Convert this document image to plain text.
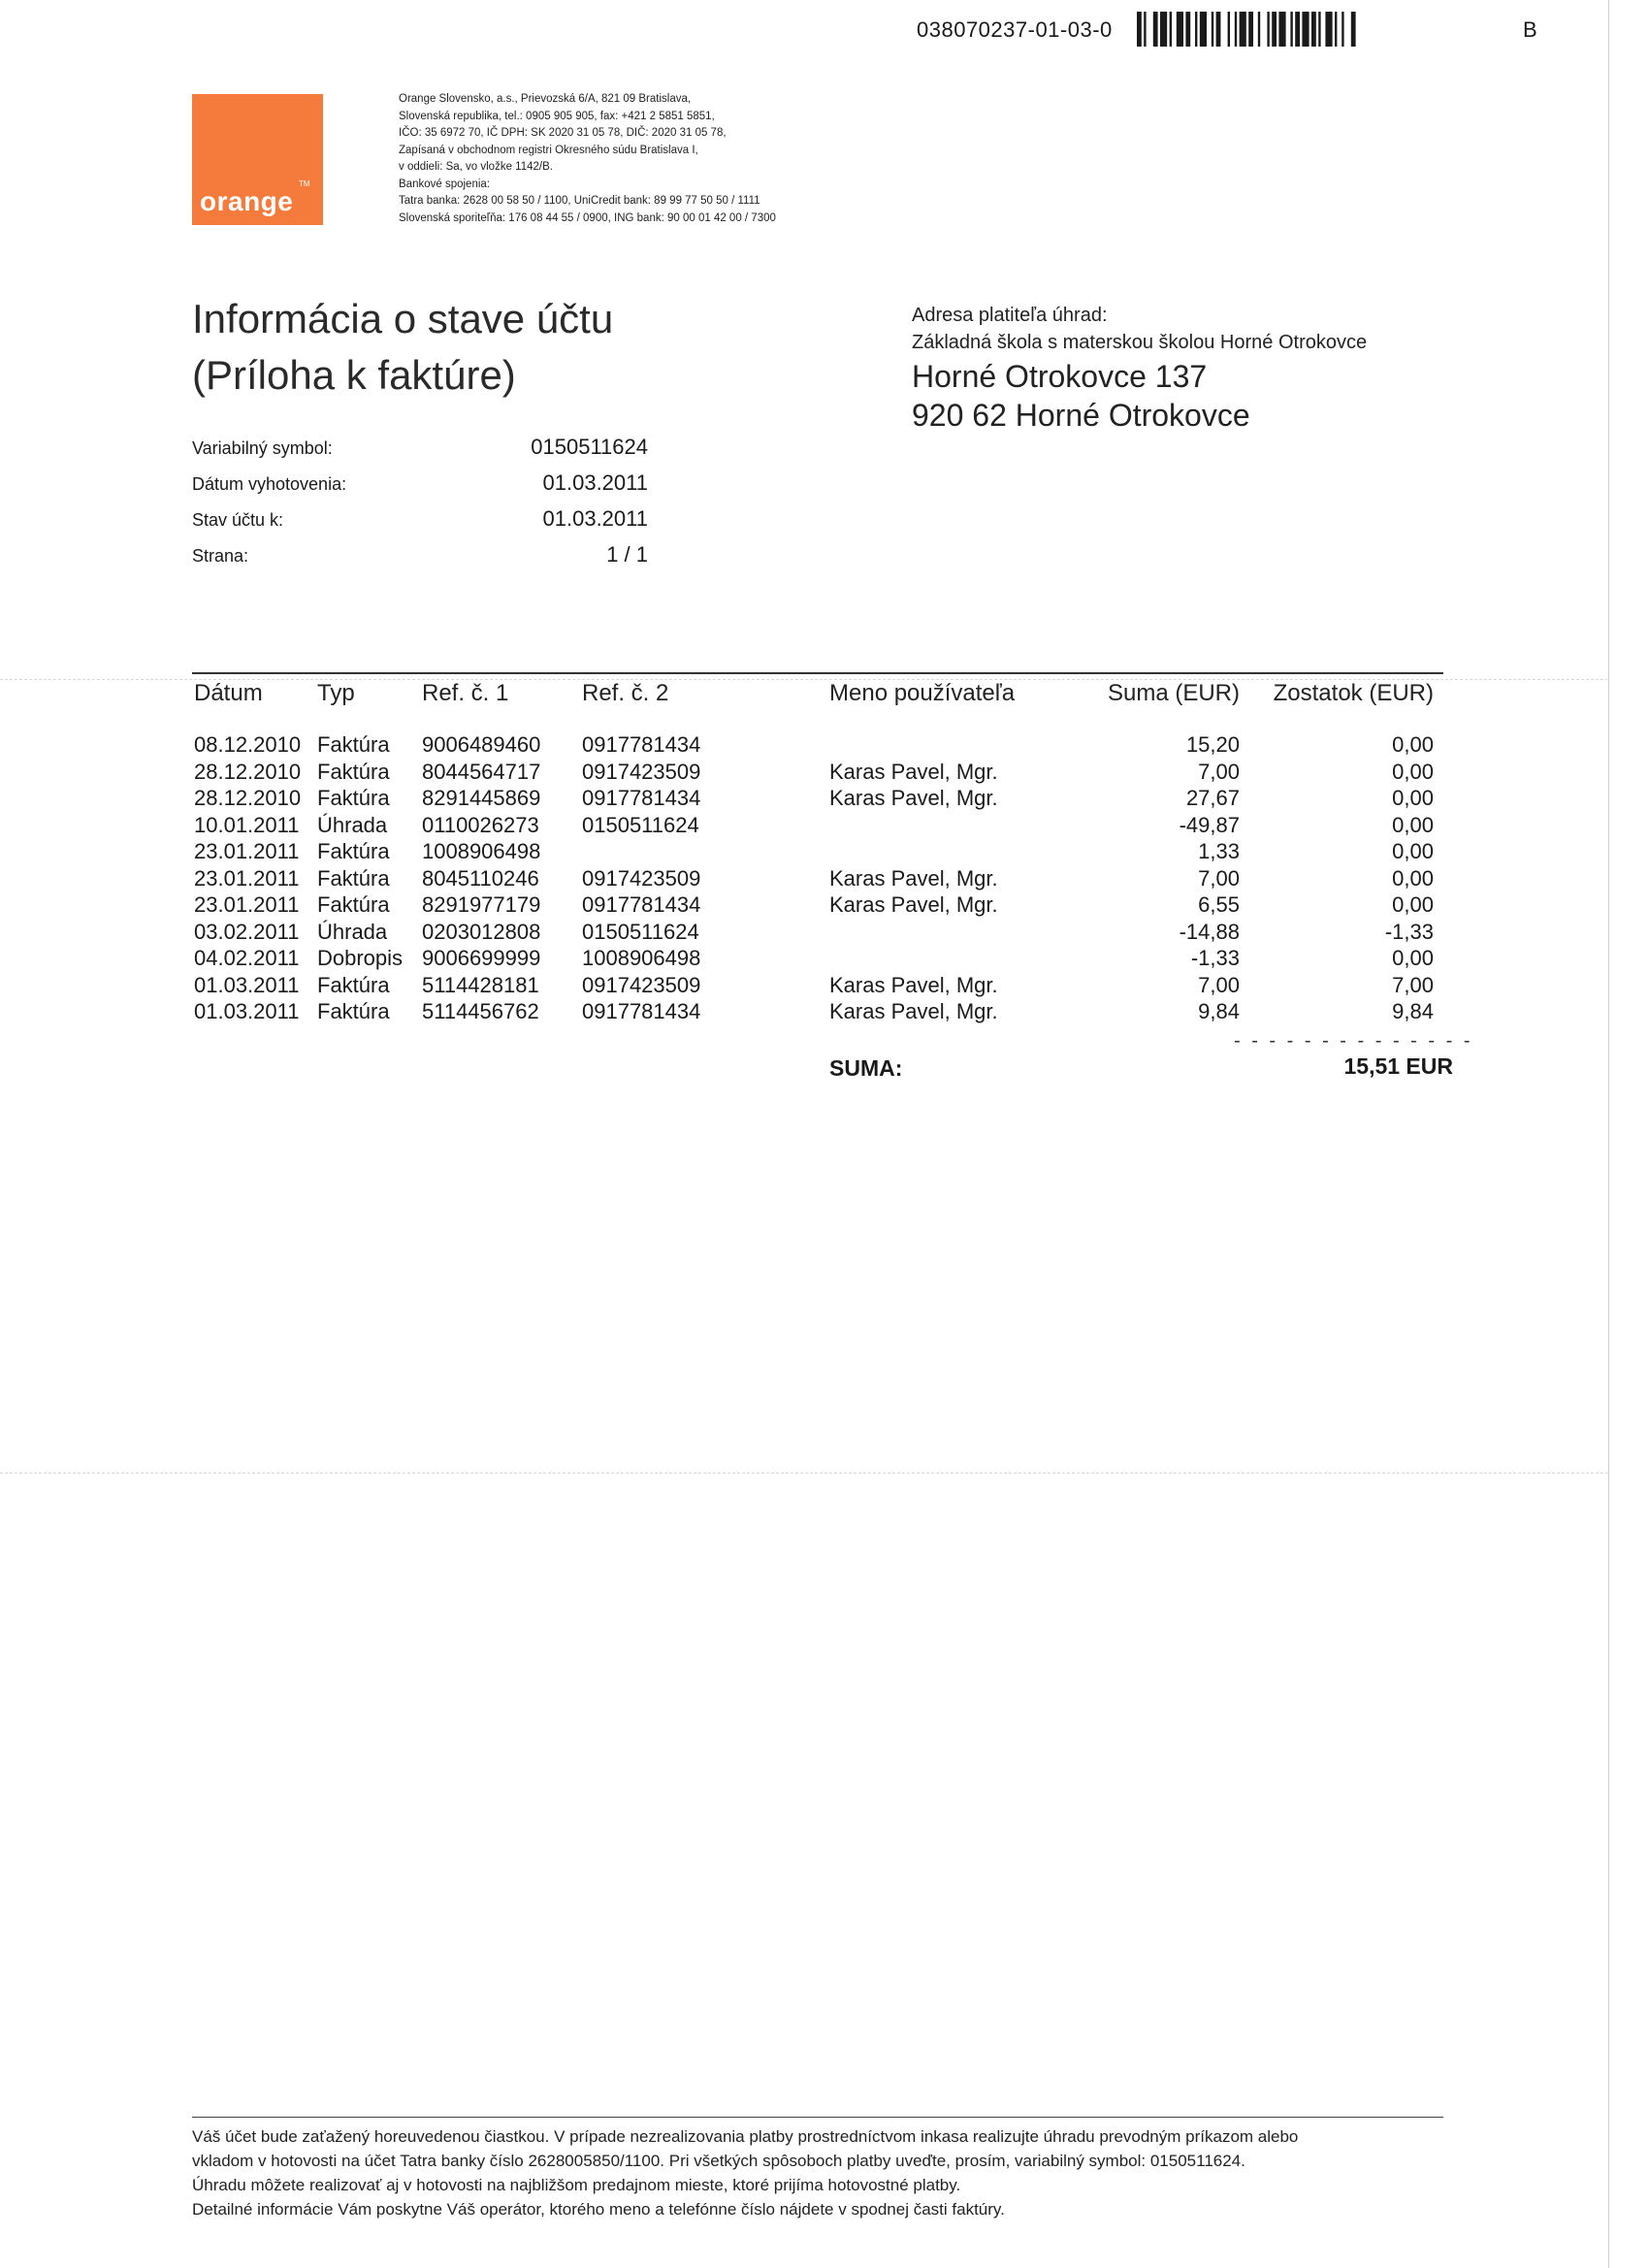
038070237-01-03-0	B
orange
TM
Orange Slovensko, a.s., Prievozská 6/A, 821 09 Bratislava,
Slovenská republika, tel.: 0905 905 905, fax: +421 2 5851 5851,
IČO: 35 6972 70, IČ DPH: SK 2020 31 05 78, DIČ: 2020 31 05 78,
Zapísaná v obchodnom registri Okresného súdu Bratislava I,
v oddieli: Sa, vo vložke 1142/B.
Bankové spojenia:
Tatra banka: 2628 00 58 50 / 1100, UniCredit bank: 89 99 77 50 50 / 1111
Slovenská sporiteľňa: 176 08 44 55 / 0900, ING bank: 90 00 01 42 00 / 7300
Informácia o stave účtu
(Príloha k faktúre)
Adresa platiteľa úhrad:
Základná škola s materskou školou Horné Otrokovce
Horné Otrokovce 137
920 62 Horné Otrokovce
Variabilný symbol:	0150511624
Dátum vyhotovenia:	01.03.2011
Stav účtu k:	01.03.2011
Strana:	1 / 1
Dátum Typ	Ref. č. 1	Ref. č. 2	Meno používateľa	Suma (EUR) Zostatok (EUR)
08.12.2010 Faktúra 9006489460 0917781434	15,20	0,00
28.12.2010 Faktúra 8044564717 0917423509	Karas Pavel, Mgr.	7,00	0,00
28.12.2010 Faktúra 8291445869 0917781434	Karas Pavel, Mgr.	27,67	0,00
10.01.2011 Úhrada 0110026273 0150511624	-49,87	0,00
23.01.2011 Faktúra 1008906498	1,33	0,00
23.01.2011 Faktúra 8045110246 0917423509	Karas Pavel, Mgr.	7,00	0,00
23.01.2011 Faktúra 8291977179 0917781434	Karas Pavel, Mgr.	6,55	0,00
03.02.2011 Úhrada 0203012808 0150511624	-14,88	-1,33
04.02.2011 Dobropis 9006699999 1008906498	-1,33	0,00
01.03.2011 Faktúra 5114428181 0917423509	Karas Pavel, Mgr.	7,00	7,00
01.03.2011 Faktúra 5114456762 0917781434	Karas Pavel, Mgr.	9,84	9,84
- - - - - - - - - - - - - -
SUMA:	15,51 EUR
Váš účet bude zaťažený horeuvedenou čiastkou. V prípade nezrealizovania platby prostredníctvom inkasa realizujte úhradu prevodným príkazom alebo
vkladom v hotovosti na účet Tatra banky číslo 2628005850/1100. Pri všetkých spôsoboch platby uveďte, prosím, variabilný symbol: 0150511624.
Úhradu môžete realizovať aj v hotovosti na najbližšom predajnom mieste, ktoré prijíma hotovostné platby.
Detailné informácie Vám poskytne Váš operátor, ktorého meno a telefónne číslo nájdete v spodnej časti faktúry.
